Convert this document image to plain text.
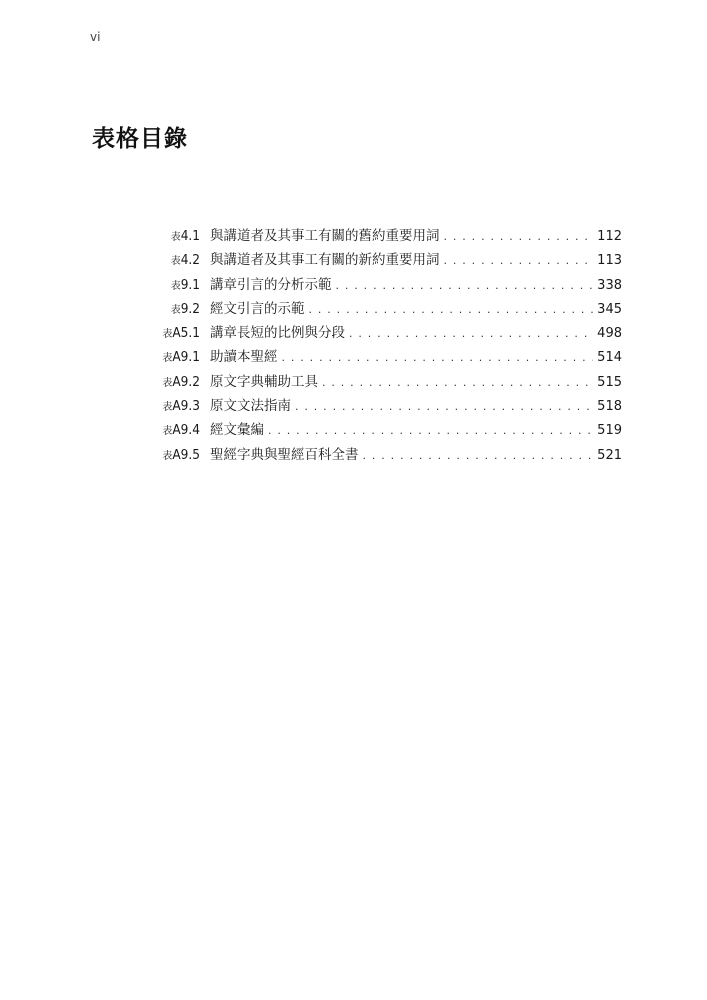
vi
表格目錄
表4.1 與講道者及其事工有關的舊約重要用詞 . . .	112
表4.2 與講道者及其事工有關的新約重要用詞 . . .	113
表9.1 講章引言的分析示範 . . .	338
表9.2 經文引言的示範 . . .	345
表A5.1 講章長短的比例與分段 . . .	498
表A9.1 助讀本聖經 . . .	514
表A9.2 原文字典輔助工具 . . .	515
表A9.3 原文文法指南 . . .	518
表A9.4 經文彙編 . . .	519
表A9.5 聖經字典與聖經百科全書 . . .	521
